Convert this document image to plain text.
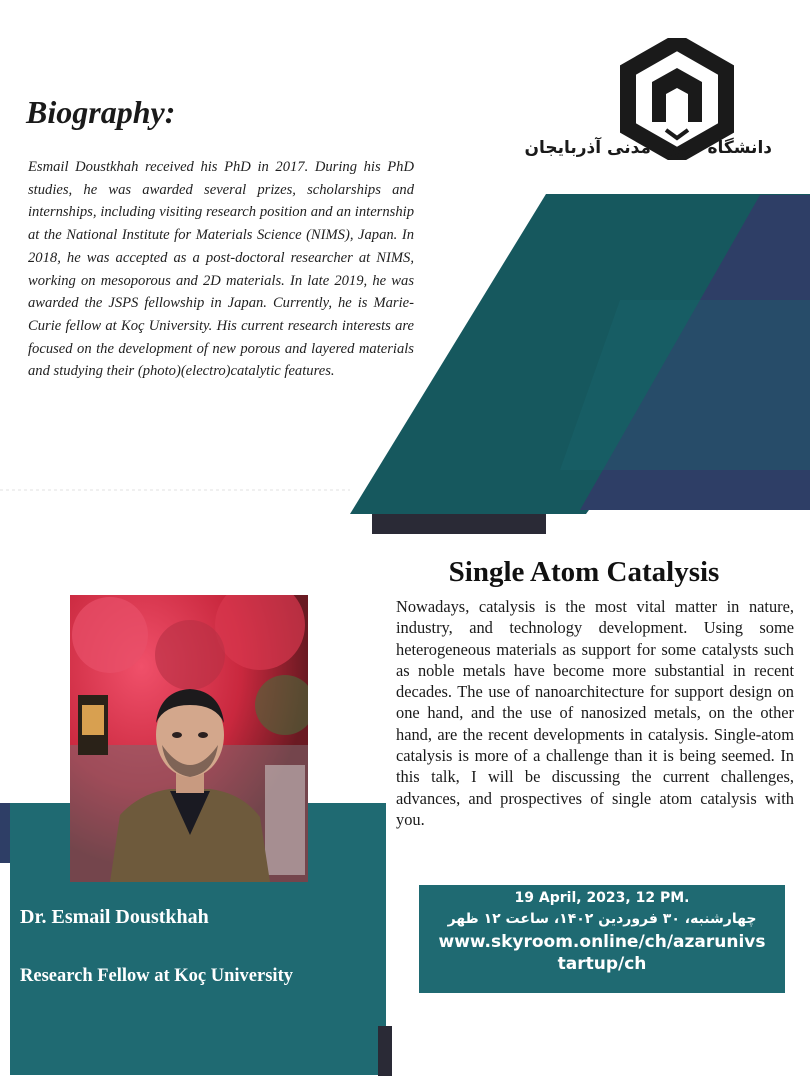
Biography:

Esmail Doustkhah received his PhD in 2017. During his PhD studies, he was awarded several prizes, scholarships and internships, including visiting research position and an internship at the National Institute for Materials Science (NIMS), Japan. In 2018, he was accepted as a post-doctoral researcher at NIMS, working on mesoporous and 2D materials. In late 2019, he was awarded the JSPS fellowship in Japan. Currently, he is Marie-Curie fellow at Koç University. His current research interests are focused on the development of new porous and layered materials and studying their (photo)(electro)catalytic features.

دانشگاه شهید مدنی آذربایجان

Single Atom Catalysis

Nowadays, catalysis is the most vital matter in nature, industry, and technology development. Using some heterogeneous materials as support for some catalysts such as noble metals have become more substantial in recent decades. The use of nanoarchitecture for support design on one hand, and the use of nanosized metals, on the other hand, are the recent developments in catalysis. Single-atom catalysis is more of a challenge than it is being seemed. In this talk, I will be discussing the current challenges, advances, and prospectives of single atom catalysis with you.

Dr. Esmail Doustkhah

Research Fellow at Koç University

19 April, 2023, 12 PM.

چهارشنبه، ۳۰ فروردین ۱۴۰۲، ساعت ۱۲ ظهر

www.skyroom.online/ch/azarunivstartup/ch
